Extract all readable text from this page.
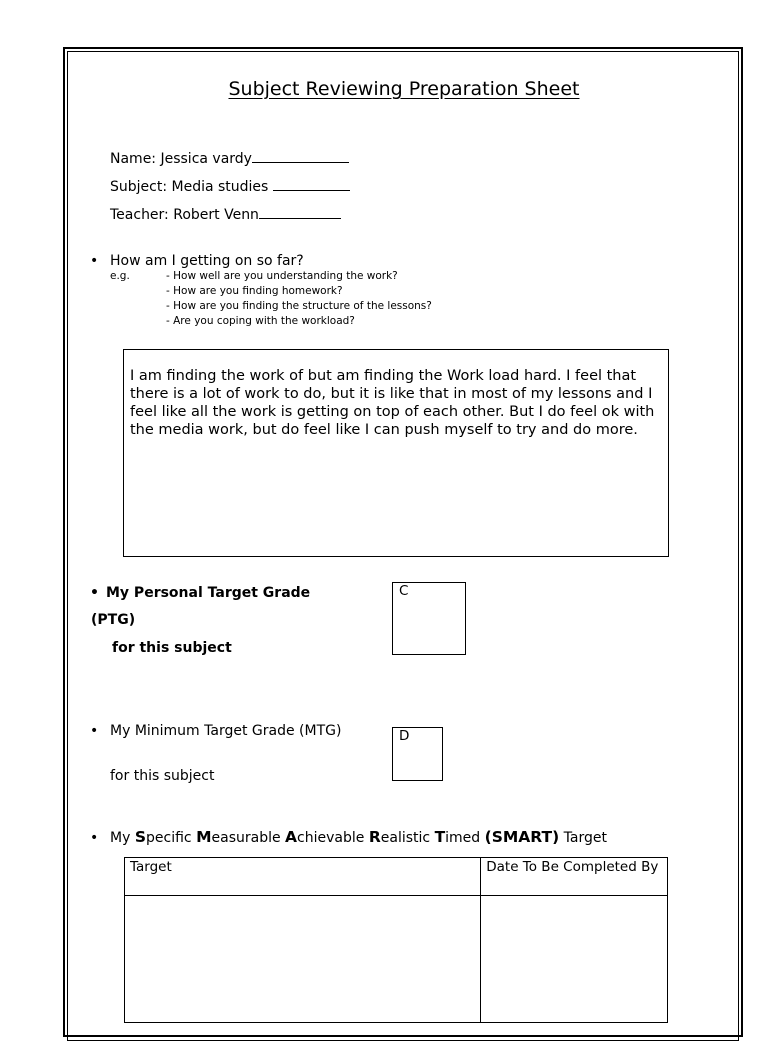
Subject Reviewing Preparation Sheet
Name: Jessica vardy
Subject: Media studies
Teacher: Robert Venn
• How am I getting on so far?
e.g.	- How well are you understanding the work?
- How are you finding homework?
- How are you finding the structure of the lessons?
- Are you coping with the workload?
I am finding the work of but am finding the Work load hard. I feel that there is a lot of work to do, but it is like that in most of my lessons and I feel like all the work is getting on top of each other. But I do feel ok with the media work, but do feel like I can push myself to try and do more.
• My Personal Target Grade
(PTG)
for this subject
C
• My Minimum Target Grade (MTG)
for this subject
D
• My Specific Measurable Achievable Realistic Timed (SMART) Target
Target	Date To Be Completed By
